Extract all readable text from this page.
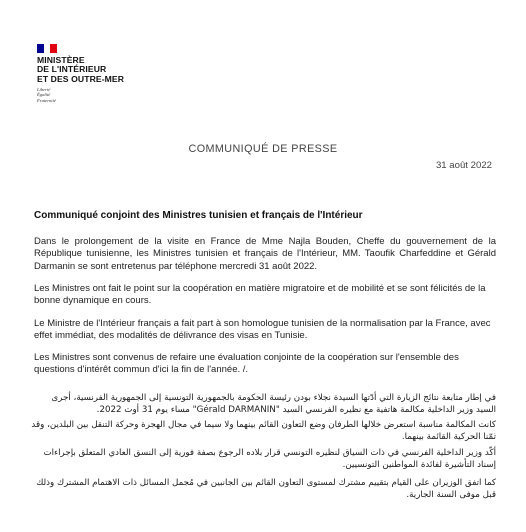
MINISTÈRE
DE L'INTÉRIEUR
ET DES OUTRE-MER
Liberté
Égalité
Fraternité
COMMUNIQUÉ DE PRESSE
31 août 2022
Communiqué conjoint des Ministres tunisien et français de l'Intérieur

Dans le prolongement de la visite en France de Mme Najla Bouden, Cheffe du gouvernement de la République tunisienne, les Ministres tunisien et français de l'Intérieur, MM. Taoufik Charfeddine et Gérald Darmanin se sont entretenus par téléphone mercredi 31 août 2022.

Les Ministres ont fait le point sur la coopération en matière migratoire et de mobilité et se sont félicités de la bonne dynamique en cours.

Le Ministre de l'Intérieur français a fait part à son homologue tunisien de la normalisation par la France, avec effet immédiat, des modalités de délivrance des visas en Tunisie.

Les Ministres sont convenus de refaire une évaluation conjointe de la coopération sur l'ensemble des questions d'intérêt commun d'ici la fin de l'année. /.

في إطار متابعة نتائج الزيارة التي أدّتها السيدة نجلاء بودن رئيسة الحكومة بالجمهورية التونسية إلى الجمهورية الفرنسية، أجرى السيد وزير الداخلية مكالمة هاتفية مع نظيره الفرنسي السيد "Gérald DARMANIN" مساء يوم 31 أوت 2022.

كانت المكالمة مناسبة استعرض خلالها الطرفان وضع التعاون القائم بينهما ولا سيما في مجال الهجرة وحركة التنقل بين البلدين، وقد ثمّنا الحركية القائمة بينهما.

أكّد وزير الداخلية الفرنسي في ذات السياق لنظيره التونسي قرار بلاده الرجوع بصفة فورية إلى النسق العادي المتعلق بإجراءات إسناد التأشيرة لفائدة المواطنين التونسيين.

كما اتفق الوزيران على القيام بتقييم مشترك لمستوى التعاون القائم بين الجانبين في مُجمل المسائل ذات الاهتمام المشترك وذلك قبل موفى السنة الجارية.
